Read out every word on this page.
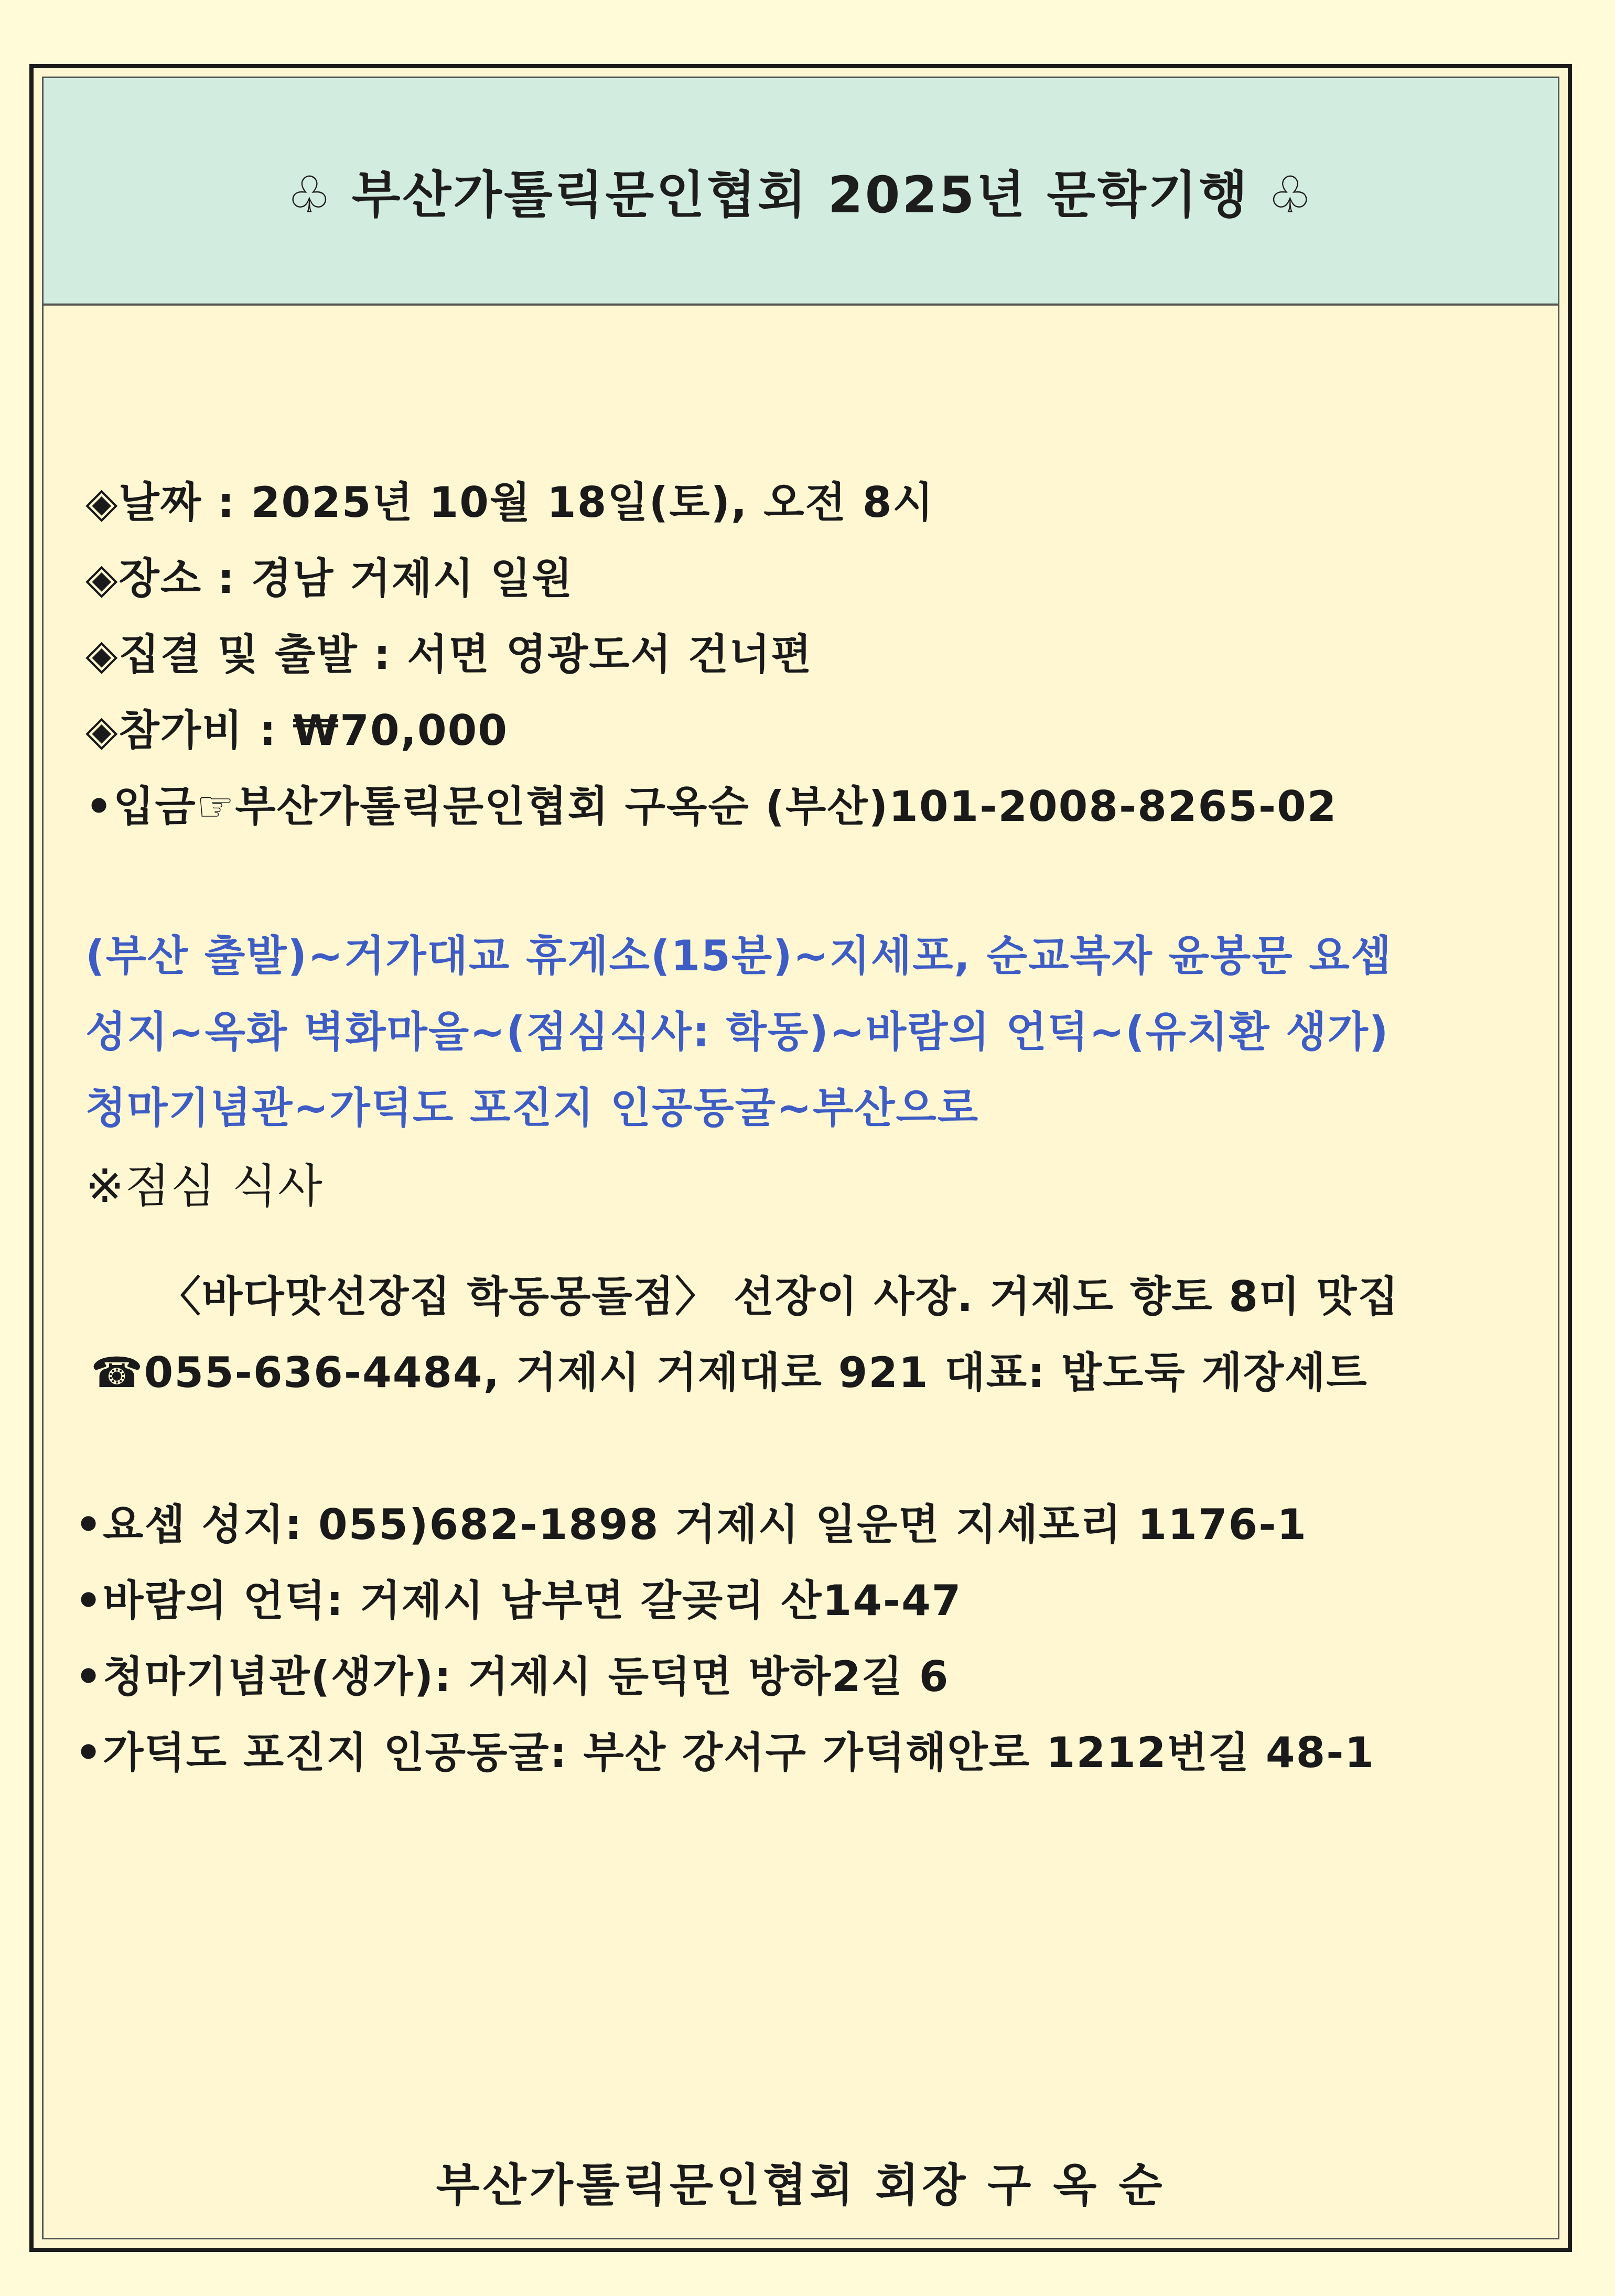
♧ 부산가톨릭문인협회 2025년 문학기행 ♧
◈날짜 : 2025년 10월 18일(토), 오전 8시
◈장소 : 경남 거제시 일원
◈집결 및 출발 : 서면 영광도서 건너편
◈참가비 : ₩70,000
•입금☞부산가톨릭문인협회 구옥순 (부산)101-2008-8265-02
(부산 출발)~거가대교 휴게소(15분)~지세포, 순교복자 윤봉문 요셉
성지~옥화 벽화마을~(점심식사: 학동)~바람의 언덕~(유치환 생가)
청마기념관~가덕도 포진지 인공동굴~부산으로
※점심 식사
〈바다맛선장집 학동몽돌점〉 선장이 사장. 거제도 향토 8미 맛집
☎055-636-4484, 거제시 거제대로 921 대표: 밥도둑 게장세트
•요셉 성지: 055)682-1898 거제시 일운면 지세포리 1176-1
•바람의 언덕: 거제시 남부면 갈곶리 산14-47
•청마기념관(생가): 거제시 둔덕면 방하2길 6
•가덕도 포진지 인공동굴: 부산 강서구 가덕해안로 1212번길 48-1
부산가톨릭문인협회 회장 구 옥 순
